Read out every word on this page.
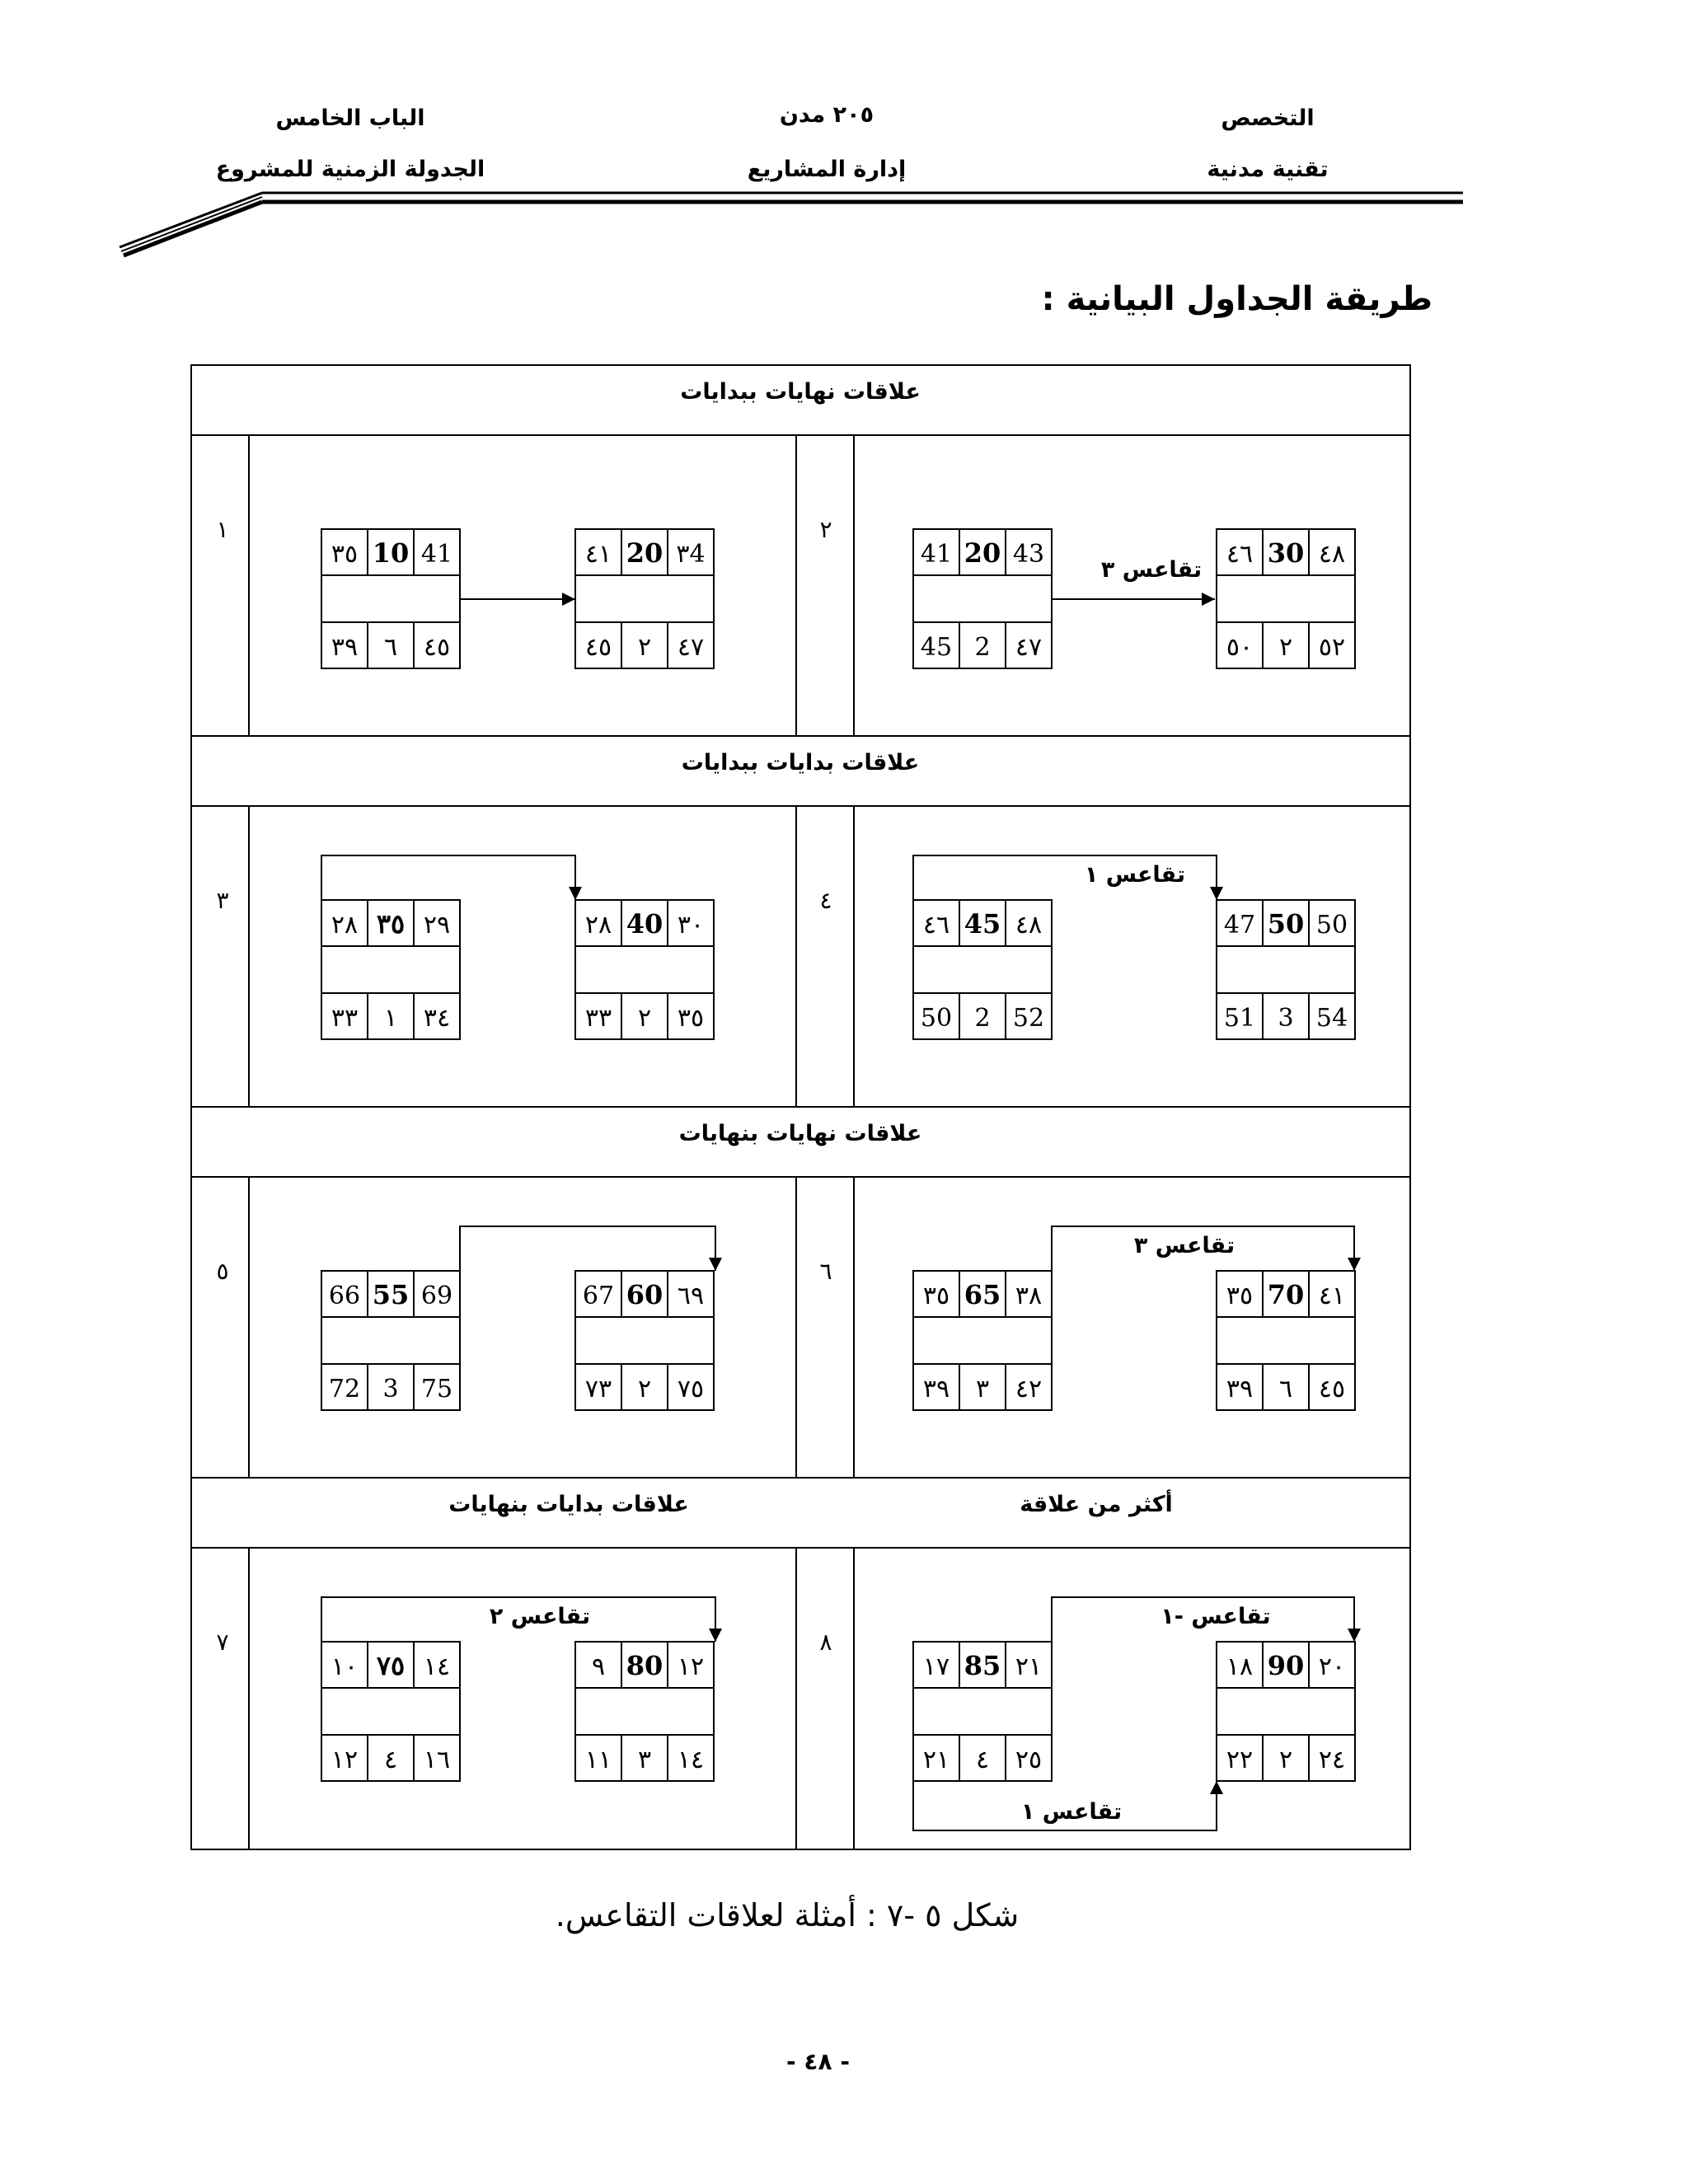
التخصص
تقنية مدنية
٢٠٥ مدن
إدارة المشاريع
الباب الخامس
الجدولة الزمنية للمشروع
علاقات نهايات ببدايات
علاقات بدايات ببدايات
علاقات نهايات بنهايات
علاقات بدايات بنهايات	أكثر من علاقة
١	٢
٣	٤
٥	٦
٧	٨
٣٥ 10 41
٣٩ ٦ ٤٥
٤١ 20 ٣4
٤٥ ٢ ٤٧
41 20 43
45 2 ٤٧
٤٦ 30 ٤٨
٥٠ ٢ ٥٢
٢٨ ٣٥ ٢٩
٣٣ ١ ٣٤
٢٨ 40 ٣٠
٣٣ ٢ ٣٥
٤٦ 45 ٤٨
50 2 52
47 50 50
51 3 54
66 55 69
72 3 75
67 60 ٦٩
٧٣ ٢ ٧٥
٣٥ 65 ٣٨
٣٩ ٣ ٤٢
٣٥ 70 ٤١
٣٩ ٦ ٤٥
١٠ ٧٥ ١٤
١٢ ٤ ١٦
٩ 80 ١٢
١١ ٣ ١٤
١٧ 85 ٢١
٢١ ٤ ٢٥
١٨ 90 ٢٠
٢٢ ٢ ٢٤
تقاعس ٣
تقاعس ١
تقاعس ٣
تقاعس ٢	تقاعس -١
تقاعس ١
طريقة الجداول البيانية :
شكل ٥ -٧ : أمثلة لعلاقات التقاعس.
- ٤٨ -
